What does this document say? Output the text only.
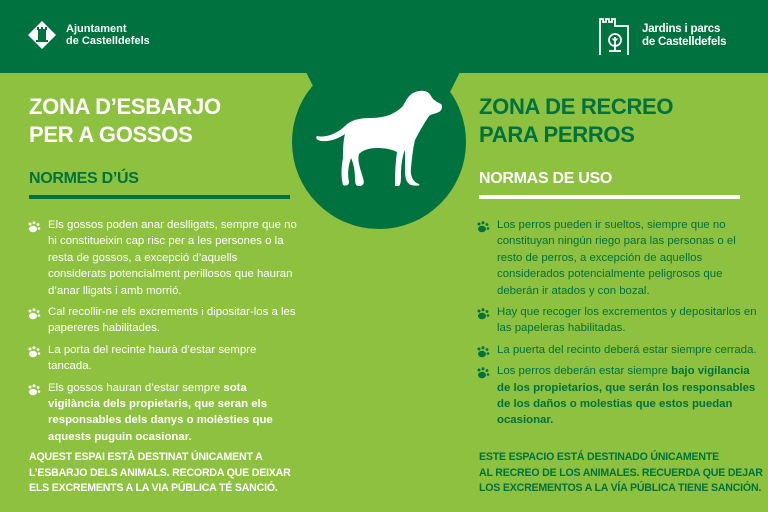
Ajuntament
de Castelldefels
Jardins i parcs
de Castelldefels
ZONA D’ESBARJO
PER A GOSSOS
NORMES D’ÚS
Els gossos poden anar deslligats, sempre que no hi constitueixin cap risc per a les persones o la resta de gossos, a excepció d’aquells considerats potencialment perillosos que hauran d’anar lligats i amb morrió.
Cal recollir-ne els excrements i dipositar-los a les papereres habilitades.
La porta del recinte haurà d’estar sempre tancada.
Els gossos hauran d’estar sempre sota vigilància dels propietaris, que seran els responsables dels danys o molèsties que aquests puguin ocasionar.
AQUEST ESPAI ESTÀ DESTINAT ÚNICAMENT A
L’ESBARJO DELS ANIMALS. RECORDA QUE DEIXAR
ELS EXCREMENTS A LA VIA PÚBLICA TÉ SANCIÓ.
ZONA DE RECREO
PARA PERROS
NORMAS DE USO
Los perros pueden ir sueltos, siempre que no constituyan ningún riego para las personas o el resto de perros, a excepción de aquellos considerados potencialmente peligrosos que deberán ir atados y con bozal.
Hay que recoger los excrementos y depositarlos en las papeleras habilitadas.
La puerta del recinto deberá estar siempre cerrada.
Los perros deberán estar siempre bajo vigilancia de los propietarios, que serán los responsables de los daños o molestias que estos puedan ocasionar.
ESTE ESPACIO ESTÁ DESTINADO ÚNICAMENTE
AL RECREO DE LOS ANIMALES. RECUERDA QUE DEJAR
LOS EXCREMENTOS A LA VÍA PÚBLICA TIENE SANCIÓN.
